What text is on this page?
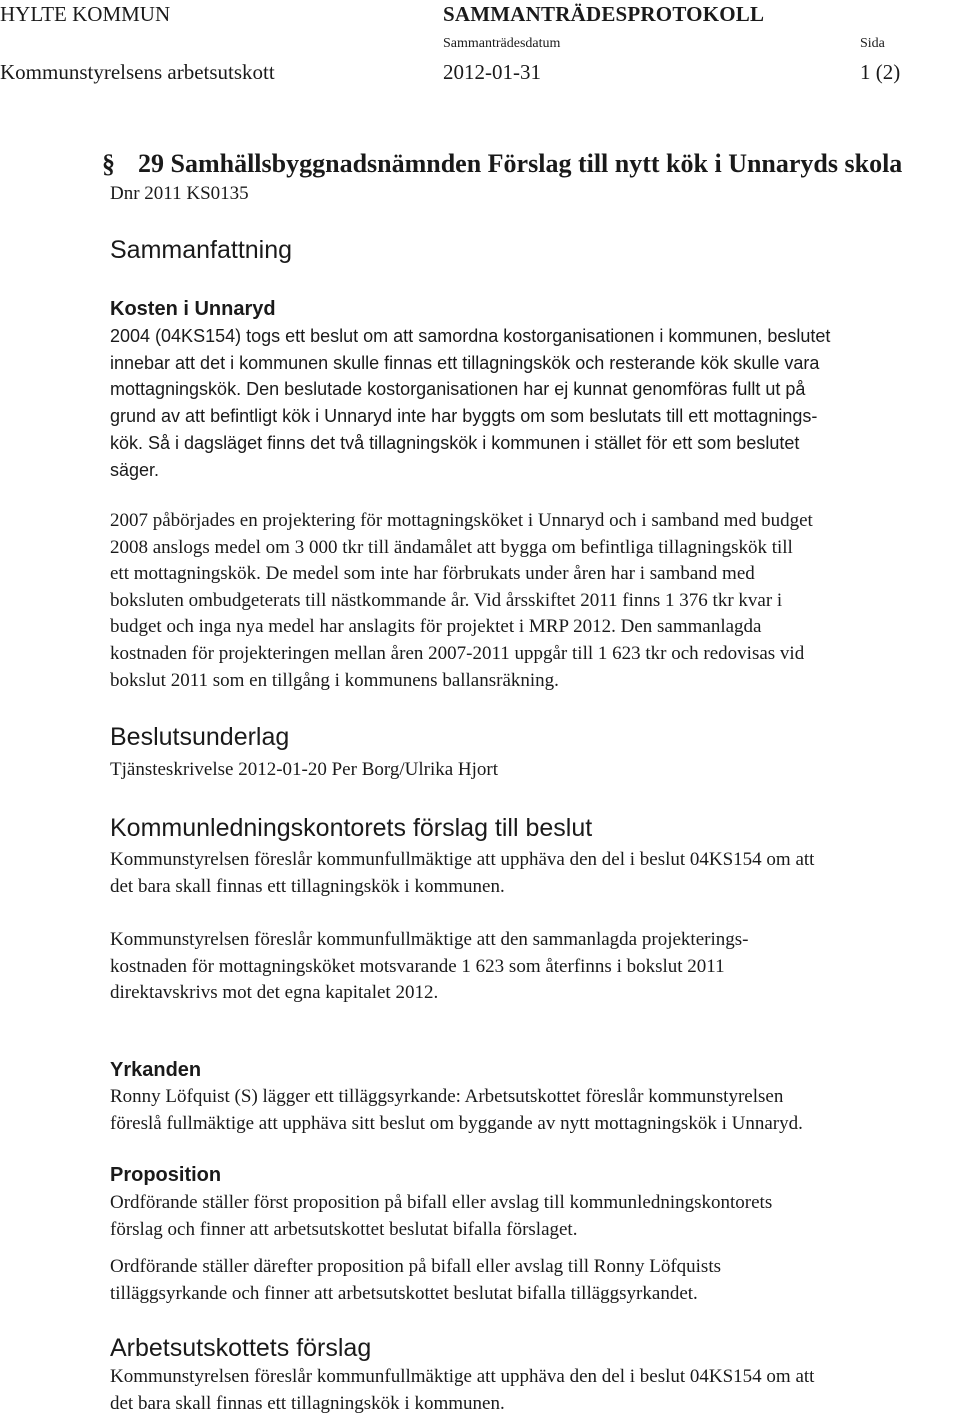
HYLTE KOMMUN	SAMMANTRÄDESPROTOKOLL
Sammanträdesdatum	Sida
Kommunstyrelsens arbetsutskott	2012-01-31	1 (2)
§ 29 Samhällsbyggnadsnämnden Förslag till nytt kök i Unnaryds skola
Dnr 2011 KS0135
Sammanfattning
Kosten i Unnaryd
2004 (04KS154) togs ett beslut om att samordna kostorganisationen i kommunen, beslutet
innebar att det i kommunen skulle finnas ett tillagningskök och resterande kök skulle vara
mottagningskök. Den beslutade kostorganisationen har ej kunnat genomföras fullt ut på
grund av att befintligt kök i Unnaryd inte har byggts om som beslutats till ett mottagnings-
kök. Så i dagsläget finns det två tillagningskök i kommunen i stället för ett som beslutet
säger.
2007 påbörjades en projektering för mottagningsköket i Unnaryd och i samband med budget
2008 anslogs medel om 3 000 tkr till ändamålet att bygga om befintliga tillagningskök till
ett mottagningskök. De medel som inte har förbrukats under åren har i samband med
boksluten ombudgeterats till nästkommande år. Vid årsskiftet 2011 finns 1 376 tkr kvar i
budget och inga nya medel har anslagits för projektet i MRP 2012. Den sammanlagda
kostnaden för projekteringen mellan åren 2007-2011 uppgår till 1 623 tkr och redovisas vid
bokslut 2011 som en tillgång i kommunens ballansräkning.
Beslutsunderlag
Tjänsteskrivelse 2012-01-20 Per Borg/Ulrika Hjort
Kommunledningskontorets förslag till beslut
Kommunstyrelsen föreslår kommunfullmäktige att upphäva den del i beslut 04KS154 om att
det bara skall finnas ett tillagningskök i kommunen.
Kommunstyrelsen föreslår kommunfullmäktige att den sammanlagda projekterings-
kostnaden för mottagningsköket motsvarande 1 623 som återfinns i bokslut 2011
direktavskrivs mot det egna kapitalet 2012.
Yrkanden
Ronny Löfquist (S) lägger ett tilläggsyrkande: Arbetsutskottet föreslår kommunstyrelsen
föreslå fullmäktige att upphäva sitt beslut om byggande av nytt mottagningskök i Unnaryd.
Proposition
Ordförande ställer först proposition på bifall eller avslag till kommunledningskontorets
förslag och finner att arbetsutskottet beslutat bifalla förslaget.
Ordförande ställer därefter proposition på bifall eller avslag till Ronny Löfquists
tilläggsyrkande och finner att arbetsutskottet beslutat bifalla tilläggsyrkandet.
Arbetsutskottets förslag
Kommunstyrelsen föreslår kommunfullmäktige att upphäva den del i beslut 04KS154 om att
det bara skall finnas ett tillagningskök i kommunen.
